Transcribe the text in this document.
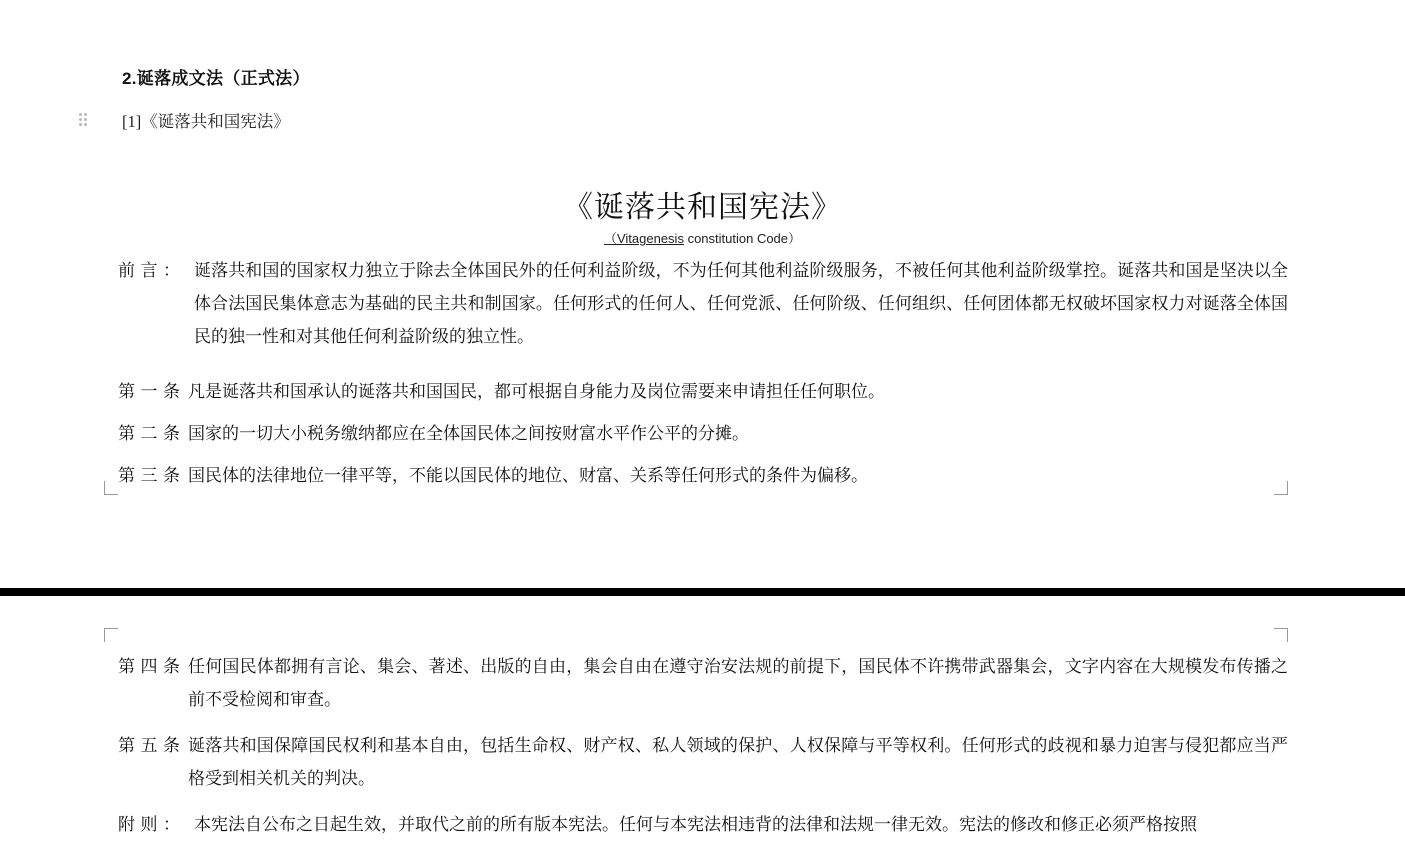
2.诞落成文法（正式法）
[1]《诞落共和国宪法》
《诞落共和国宪法》
（Vitagenesis constitution Code）
前言： 诞落共和国的国家权力独立于除去全体国民外的任何利益阶级，不为任何其他利益阶级服务，不被任何其他利益阶级掌控。诞落共和国是坚决以全体合法国民集体意志为基础的民主共和制国家。任何形式的任何人、任何党派、任何阶级、任何组织、任何团体都无权破坏国家权力对诞落全体国民的独一性和对其他任何利益阶级的独立性。
第一条 凡是诞落共和国承认的诞落共和国国民，都可根据自身能力及岗位需要来申请担任任何职位。
第二条 国家的一切大小税务缴纳都应在全体国民体之间按财富水平作公平的分摊。
第三条 国民体的法律地位一律平等，不能以国民体的地位、财富、关系等任何形式的条件为偏移。
第四条 任何国民体都拥有言论、集会、著述、出版的自由，集会自由在遵守治安法规的前提下，国民体不许携带武器集会，文字内容在大规模发布传播之前不受检阅和审查。
第五条 诞落共和国保障国民权利和基本自由，包括生命权、财产权、私人领域的保护、人权保障与平等权利。任何形式的歧视和暴力迫害与侵犯都应当严格受到相关机关的判决。
附则： 本宪法自公布之日起生效，并取代之前的所有版本宪法。任何与本宪法相违背的法律和法规一律无效。宪法的修改和修正必须严格按照
